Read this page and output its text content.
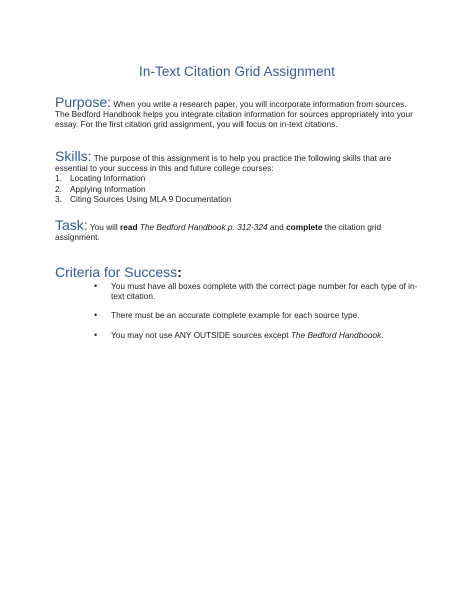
In-Text Citation Grid Assignment
Purpose: When you write a research paper, you will incorporate information from sources. The Bedford Handbook helps you integrate citation information for sources appropriately into your essay. For the first citation grid assignment, you will focus on in-text citations.
Skills: The purpose of this assignment is to help you practice the following skills that are essential to your success in this and future college courses:
1. Locating Information
2. Applying Information
3. Citing Sources Using MLA 9 Documentation
Task: You will read The Bedford Handbook p. 312-324 and complete the citation grid assignment.
Criteria for Success:
• You must have all boxes complete with the correct page number for each type of in-text citation.
• There must be an accurate complete example for each source type.
• You may not use ANY OUTSIDE sources except The Bedford Handboook.
